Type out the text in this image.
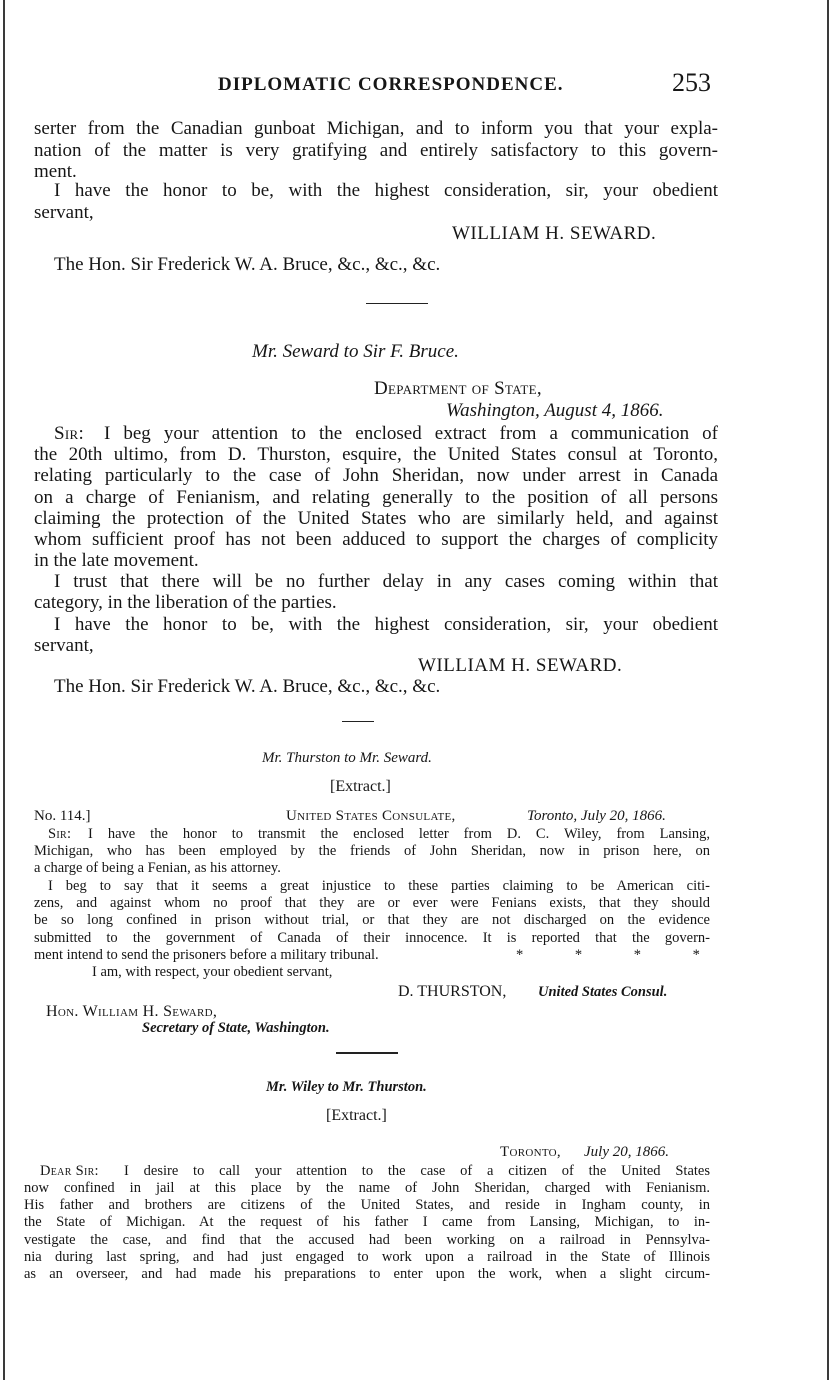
DIPLOMATIC CORRESPONDENCE.	253

serter from the Canadian gunboat Michigan, and to inform you that your expla-

nation of the matter is very gratifying and entirely satisfactory to this govern-

ment.

I have the honor to be, with the highest consideration, sir, your obedient

servant,

WILLIAM H. SEWARD.

The Hon. Sir Frederick W. A. Bruce, &c., &c., &c.

Mr. Seward to Sir F. Bruce.

Department of State,

Washington, August 4, 1866.

Sir: I beg your attention to the enclosed extract from a communication of

the 20th ultimo, from D. Thurston, esquire, the United States consul at Toronto,

relating particularly to the case of John Sheridan, now under arrest in Canada

on a charge of Fenianism, and relating generally to the position of all persons

claiming the protection of the United States who are similarly held, and against

whom sufficient proof has not been adduced to support the charges of complicity

in the late movement.

I trust that there will be no further delay in any cases coming within that

category, in the liberation of the parties.

I have the honor to be, with the highest consideration, sir, your obedient

servant,

WILLIAM H. SEWARD.

The Hon. Sir Frederick W. A. Bruce, &c., &c., &c.

Mr. Thurston to Mr. Seward.

[Extract.]

No. 114.]	United States Consulate,	Toronto, July 20, 1866.

Sir: I have the honor to transmit the enclosed letter from D. C. Wiley, from Lansing,

Michigan, who has been employed by the friends of John Sheridan, now in prison here, on

a charge of being a Fenian, as his attorney.

I beg to say that it seems a great injustice to these parties claiming to be American citi-

zens, and against whom no proof that they are or ever were Fenians exists, that they should

be so long confined in prison without trial, or that they are not discharged on the evidence

submitted to the government of Canada of their innocence. It is reported that the govern-

ment intend to send the prisoners before a military tribunal.	* * * *

I am, with respect, your obedient servant,

D. THURSTON, United States Consul.

Hon. William H. Seward,

Secretary of State, Washington.

Mr. Wiley to Mr. Thurston.

[Extract.]

Toronto, July 20, 1866.

Dear Sir: I desire to call your attention to the case of a citizen of the United States

now confined in jail at this place by the name of John Sheridan, charged with Fenianism.

His father and brothers are citizens of the United States, and reside in Ingham county, in

the State of Michigan. At the request of his father I came from Lansing, Michigan, to in-

vestigate the case, and find that the accused had been working on a railroad in Pennsylva-

nia during last spring, and had just engaged to work upon a railroad in the State of Illinois

as an overseer, and had made his preparations to enter upon the work, when a slight circum-
